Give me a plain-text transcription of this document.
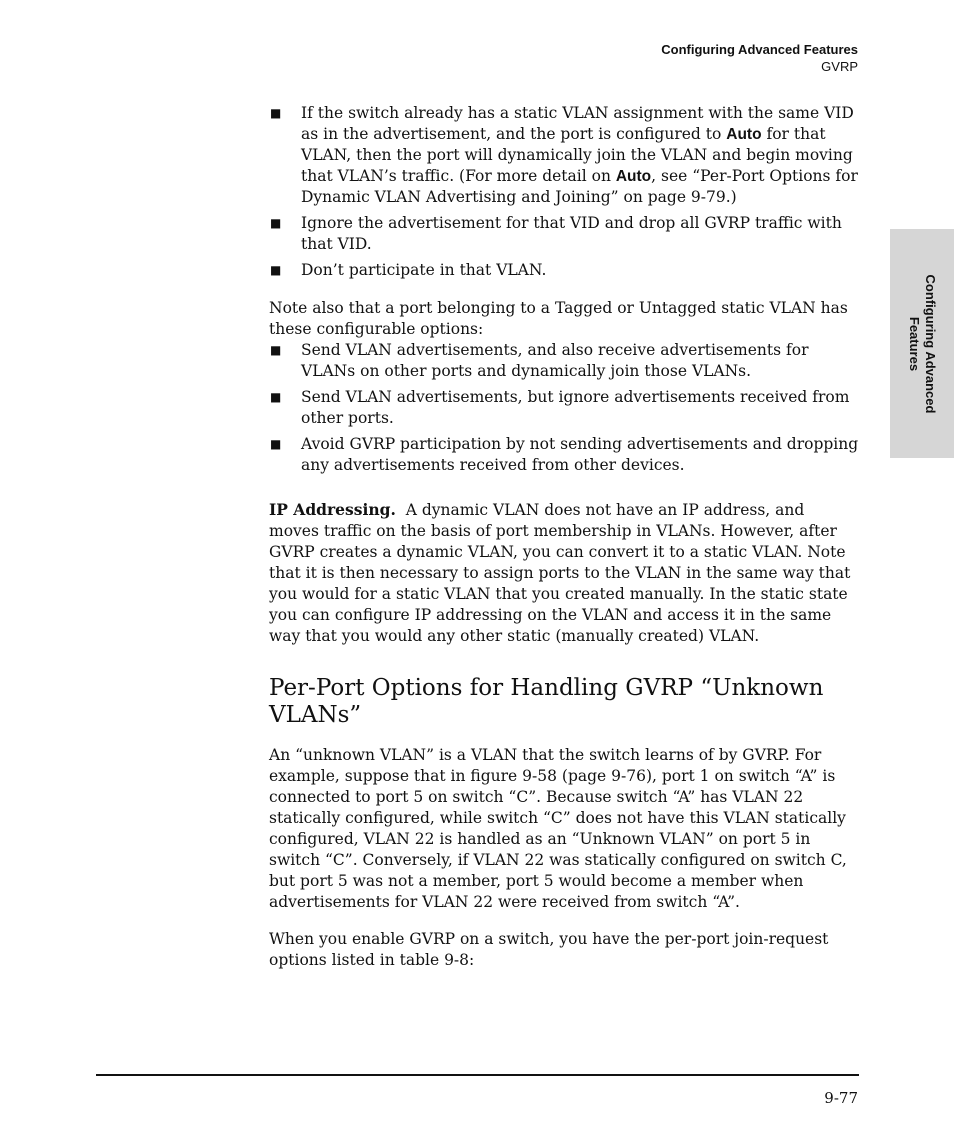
Configuring Advanced Features
GVRP
Configuring Advanced
Features
■ If the switch already has a static VLAN assignment with the same VID as in the advertisement, and the port is configured to Auto for that VLAN, then the port will dynamically join the VLAN and begin moving that VLAN’s traffic. (For more detail on Auto, see “Per-Port Options for Dynamic VLAN Advertising and Joining” on page 9-79.)
■ Ignore the advertisement for that VID and drop all GVRP traffic with that VID.
■ Don’t participate in that VLAN.

Note also that a port belonging to a Tagged or Untagged static VLAN has these configurable options:

■ Send VLAN advertisements, and also receive advertisements for VLANs on other ports and dynamically join those VLANs.
■ Send VLAN advertisements, but ignore advertisements received from other ports.
■ Avoid GVRP participation by not sending advertisements and dropping any advertisements received from other devices.

IP Addressing. A dynamic VLAN does not have an IP address, and moves traffic on the basis of port membership in VLANs. However, after GVRP creates a dynamic VLAN, you can convert it to a static VLAN. Note that it is then necessary to assign ports to the VLAN in the same way that you would for a static VLAN that you created manually. In the static state you can configure IP addressing on the VLAN and access it in the same way that you would any other static (manually created) VLAN.

Per-Port Options for Handling GVRP “Unknown VLANs”

An “unknown VLAN” is a VLAN that the switch learns of by GVRP. For example, suppose that in figure 9-58 (page 9-76), port 1 on switch “A” is connected to port 5 on switch “C”. Because switch “A” has VLAN 22 statically configured, while switch “C” does not have this VLAN statically configured, VLAN 22 is handled as an “Unknown VLAN” on port 5 in switch “C”. Conversely, if VLAN 22 was statically configured on switch C, but port 5 was not a member, port 5 would become a member when advertisements for VLAN 22 were received from switch “A”.

When you enable GVRP on a switch, you have the per-port join-request options listed in table 9-8:

9-77
